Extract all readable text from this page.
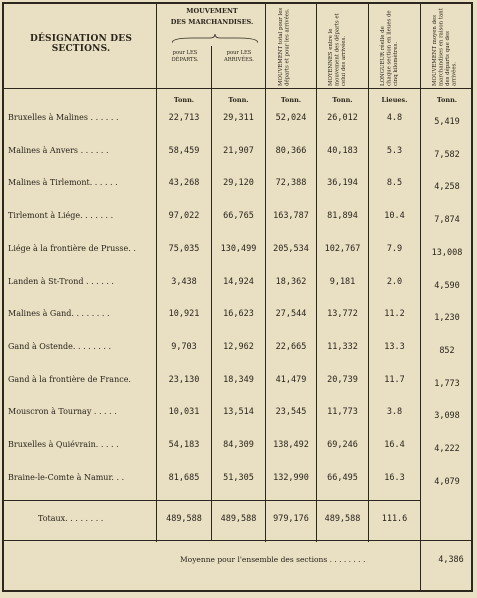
DÉSIGNATION DES SECTIONS.
MOUVEMENT
DES MARCHANDISES.
pour LES DÉPARTS.
pour LES ARRIVÉES.	MOUVEMENT total pour les départs et pour les arrivées.	MOYENNES entre le mouvement des départs et celui des arrivées.	LONGUEUR réelle de chaque section en lieues de cinq kilomètres.	MOUVEMENT moyen des marchandises en raison tant des départs que des arrivées.
Tonn.	Tonn.	Tonn.	Tonn.	Lieues.	Tonn.
Bruxelles à Malines . . . . . .	22,713	29,311	52,024	26,012	4.8	5,419
Malines à Anvers . . . . . .	58,459	21,907	80,366	40,183	5.3	7,582
Malines à Tirlemont. . . . . .	43,268	29,120	72,388	36,194	8.5	4,258
Tirlemont à Liége. . . . . . .	97,022	66,765	163,787	81,894	10.4	7,874
Liége à la frontière de Prusse. .	75,035	130,499	205,534	102,767	7.9	13,008
Landen à St-Trond . . . . . .	3,438	14,924	18,362	9,181	2.0	4,590
Malines à Gand. . . . . . . .	10,921	16,623	27,544	13,772	11.2	1,230
Gand à Ostende. . . . . . . .	9,703	12,962	22,665	11,332	13.3	852
Gand à la frontière de France.	23,130	18,349	41,479	20,739	11.7	1,773
Mouscron à Tournay . . . . .	10,031	13,514	23,545	11,773	3.8	3,098
Bruxelles à Quiévrain. . . . .	54,183	84,309	138,492	69,246	16.4	4,222
Braine-le-Comte à Namur. . .	81,685	51,305	132,990	66,495	16.3	4,079
Totaux. . . . . . . .	489,588	489,588	979,176	489,588	111.6
Moyenne pour l'ensemble des sections . . . . . . . .	4,386
